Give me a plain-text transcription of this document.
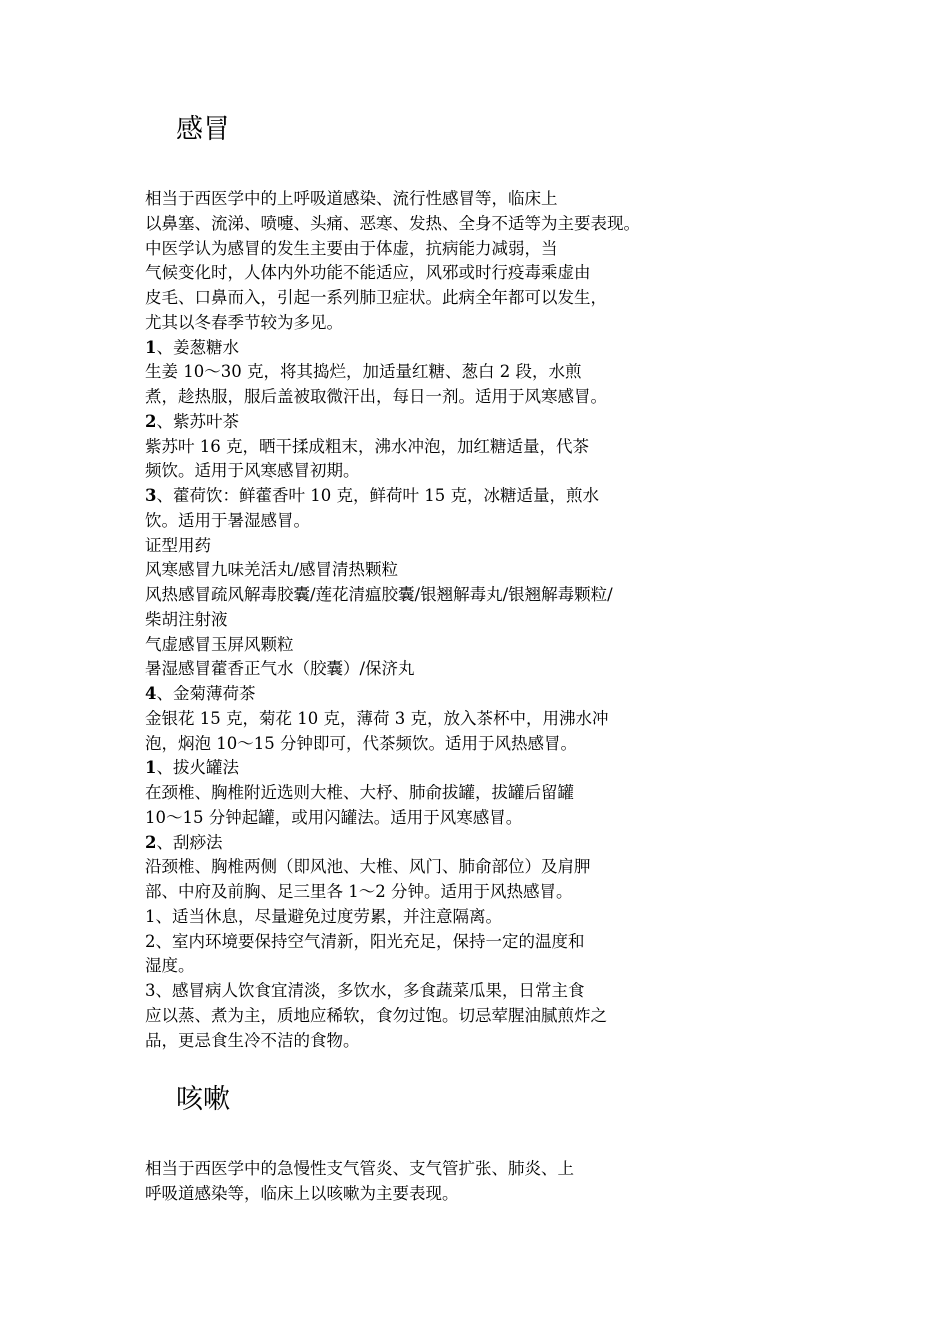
感冒
相当于西医学中的上呼吸道感染、流行性感冒等，临床上
以鼻塞、流涕、喷嚏、头痛、恶寒、发热、全身不适等为主要表现。
中医学认为感冒的发生主要由于体虚，抗病能力减弱，当
气候变化时，人体内外功能不能适应，风邪或时行疫毒乘虚由
皮毛、口鼻而入，引起一系列肺卫症状。此病全年都可以发生，
尤其以冬春季节较为多见。
1、姜葱糖水
生姜 10～30 克，将其捣烂，加适量红糖、葱白 2 段，水煎
煮，趁热服，服后盖被取微汗出，每日一剂。适用于风寒感冒。
2、紫苏叶茶
紫苏叶 16 克，晒干揉成粗末，沸水冲泡，加红糖适量，代茶
频饮。适用于风寒感冒初期。
3、藿荷饮：鲜藿香叶 10 克，鲜荷叶 15 克，冰糖适量，煎水
饮。适用于暑湿感冒。
证型用药
风寒感冒九味羌活丸/感冒清热颗粒
风热感冒疏风解毒胶囊/莲花清瘟胶囊/银翘解毒丸/银翘解毒颗粒/
柴胡注射液
气虚感冒玉屏风颗粒
暑湿感冒藿香正气水（胶囊）/保济丸
4、金菊薄荷茶
金银花 15 克，菊花 10 克，薄荷 3 克，放入茶杯中，用沸水冲
泡，焖泡 10～15 分钟即可，代茶频饮。适用于风热感冒。
1、拔火罐法
在颈椎、胸椎附近选则大椎、大杼、肺俞拔罐，拔罐后留罐
10～15 分钟起罐，或用闪罐法。适用于风寒感冒。
2、刮痧法
沿颈椎、胸椎两侧（即风池、大椎、风门、肺俞部位）及肩胛
部、中府及前胸、足三里各 1～2 分钟。适用于风热感冒。
1、适当休息，尽量避免过度劳累，并注意隔离。
2、室内环境要保持空气清新，阳光充足，保持一定的温度和
湿度。
3、感冒病人饮食宜清淡，多饮水，多食蔬菜瓜果，日常主食
应以蒸、煮为主，质地应稀软，食勿过饱。切忌荤腥油腻煎炸之
品，更忌食生冷不洁的食物。
咳嗽
相当于西医学中的急慢性支气管炎、支气管扩张、肺炎、上
呼吸道感染等，临床上以咳嗽为主要表现。
